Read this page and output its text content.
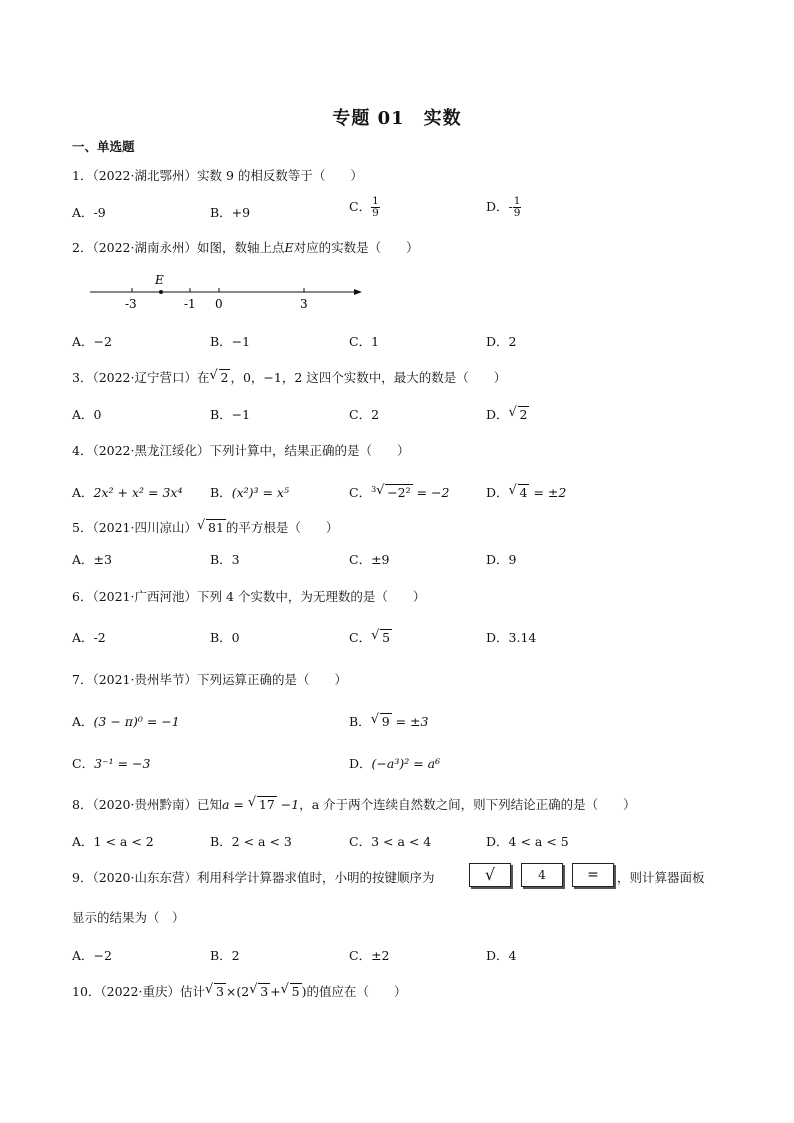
专题 01　实数
一、单选题
1．（2022·湖北鄂州）实数 9 的相反数等于（　　）
A．-9	B．+9	C． $\frac{1}{9}$	D．- $\frac{1}{9}$
2．（2022·湖南永州）如图，数轴上点E对应的实数是（　　）
E
-3	-1 0	3
A．−2	B．−1	C．1	D．2
3．（2022·辽宁营口）在 √ 2 ，0，−1，2 这四个实数中，最大的数是（　　）
A．0	B．−1	C．2	D． √ 2
4．（2022·黑龙江绥化）下列计算中，结果正确的是（　　）
A．2x² + x² = 3x⁴ B．(x²)³ = x⁵	C．$^3$ √ −2² = −2	D． √ 4 = ±2
5．（2021·四川凉山） √ 81 的平方根是（　　）
A．±3	B．3	C．±9	D．9
6．（2021·广西河池）下列 4 个实数中，为无理数的是（　　）
A．-2	B．0	C． √ 5	D．3.14
7．（2021·贵州毕节）下列运算正确的是（　　）
A．(3 − π)⁰ = −1	B． √ 9 = ±3
C．3⁻¹ = −3	D．(−a³)² = a⁶
8．（2020·贵州黔南）已知a = √ 17 −1，a 介于两个连续自然数之间，则下列结论正确的是（　　）
A．1 < a < 2	B．2 < a < 3	C．3 < a < 4	D．4 < a < 5
9．（2020·山东东营）利用科学计算器求值时，小明的按键顺序为	√	4	=	，则计算器面板
显示的结果为（　）
A．−2	B．2	C．±2	D．4
10．（2022·重庆）估计 √ 3 ×(2 √ 3 + √ 5 )的值应在（　　）
